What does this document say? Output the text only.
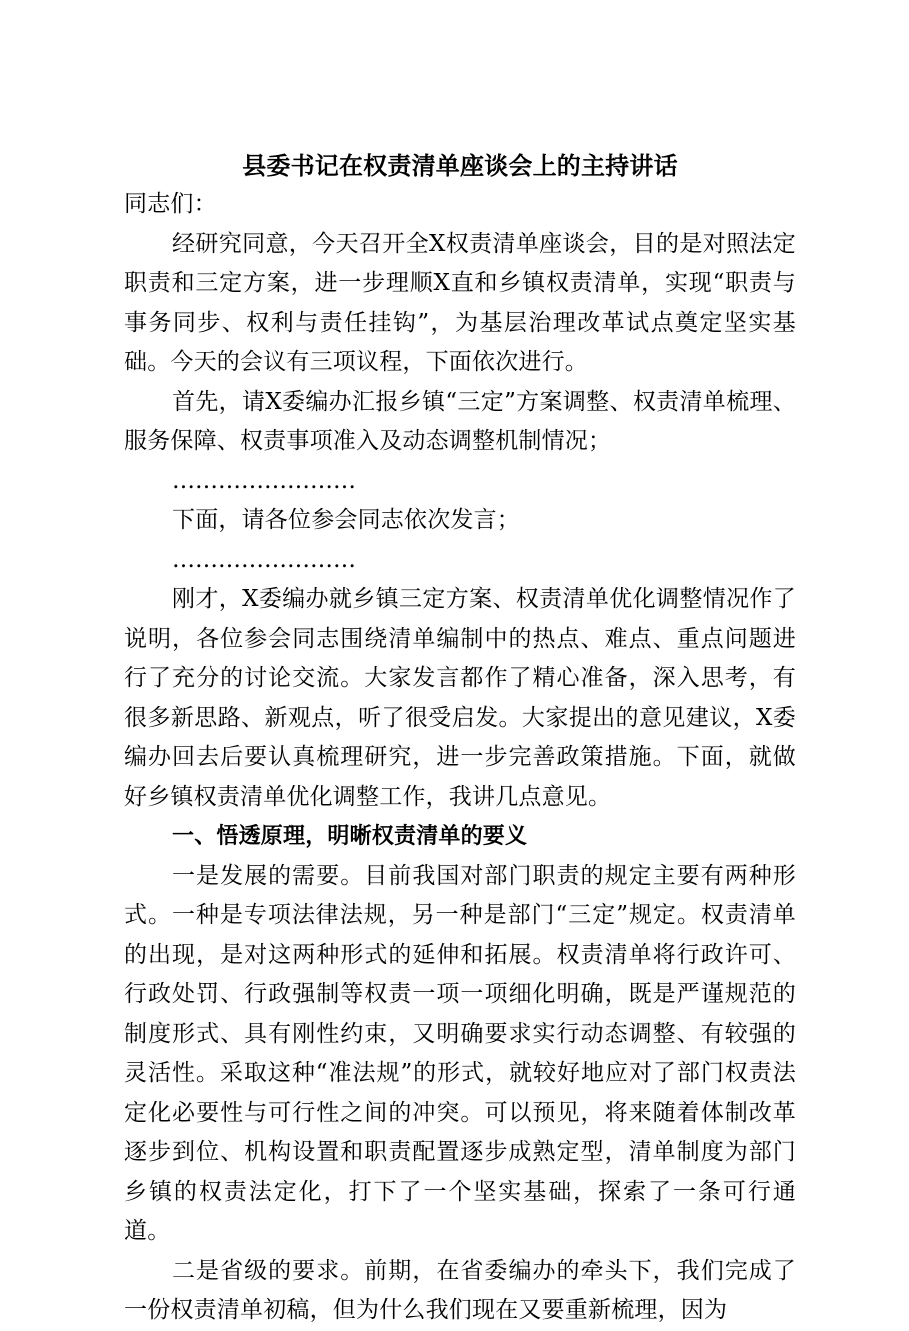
县委书记在权责清单座谈会上的主持讲话

同志们：

经研究同意，今天召开全X权责清单座谈会，目的是对照法定职责和三定方案，进一步理顺X直和乡镇权责清单，实现“职责与事务同步、权利与责任挂钩”，为基层治理改革试点奠定坚实基础。今天的会议有三项议程，下面依次进行。

首先，请X委编办汇报乡镇“三定”方案调整、权责清单梳理、服务保障、权责事项准入及动态调整机制情况；

……………………

下面，请各位参会同志依次发言；

……………………

刚才，X委编办就乡镇三定方案、权责清单优化调整情况作了说明，各位参会同志围绕清单编制中的热点、难点、重点问题进行了充分的讨论交流。大家发言都作了精心准备，深入思考，有很多新思路、新观点，听了很受启发。大家提出的意见建议，X委编办回去后要认真梳理研究，进一步完善政策措施。下面，就做好乡镇权责清单优化调整工作，我讲几点意见。

一、悟透原理，明晰权责清单的要义

一是发展的需要。目前我国对部门职责的规定主要有两种形式。一种是专项法律法规，另一种是部门“三定”规定。权责清单的出现，是对这两种形式的延伸和拓展。权责清单将行政许可、行政处罚、行政强制等权责一项一项细化明确，既是严谨规范的制度形式、具有刚性约束，又明确要求实行动态调整、有较强的灵活性。采取这种“准法规”的形式，就较好地应对了部门权责法定化必要性与可行性之间的冲突。可以预见，将来随着体制改革逐步到位、机构设置和职责配置逐步成熟定型，清单制度为部门乡镇的权责法定化，打下了一个坚实基础，探索了一条可行通道。

二是省级的要求。前期，在省委编办的牵头下，我们完成了一份权责清单初稿，但为什么我们现在又要重新梳理，因为
